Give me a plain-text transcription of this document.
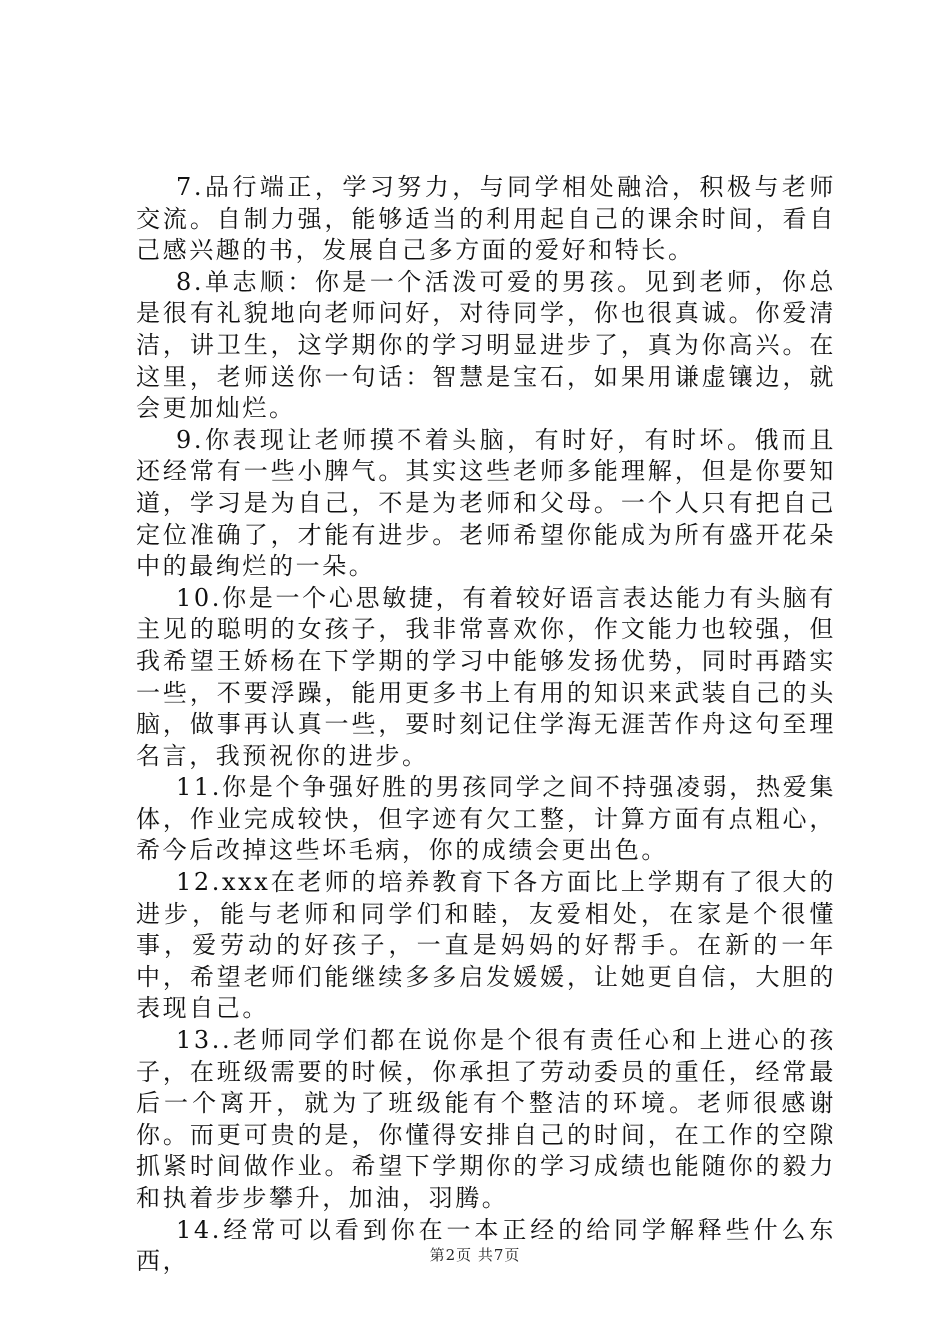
7.品行端正，学习努力，与同学相处融洽，积极与老师交流。自制力强，能够适当的利用起自己的课余时间，看自己感兴趣的书，发展自己多方面的爱好和特长。

8.单志顺：你是一个活泼可爱的男孩。见到老师，你总是很有礼貌地向老师问好，对待同学，你也很真诚。你爱清洁，讲卫生，这学期你的学习明显进步了，真为你高兴。在这里，老师送你一句话：智慧是宝石，如果用谦虚镶边，就会更加灿烂。

9.你表现让老师摸不着头脑，有时好，有时坏。俄而且还经常有一些小脾气。其实这些老师多能理解，但是你要知道，学习是为自己，不是为老师和父母。一个人只有把自己定位准确了，才能有进步。老师希望你能成为所有盛开花朵中的最绚烂的一朵。

10.你是一个心思敏捷，有着较好语言表达能力有头脑有主见的聪明的女孩子，我非常喜欢你，作文能力也较强，但我希望王娇杨在下学期的学习中能够发扬优势，同时再踏实一些，不要浮躁，能用更多书上有用的知识来武装自己的头脑，做事再认真一些，要时刻记住学海无涯苦作舟这句至理名言，我预祝你的进步。

11.你是个争强好胜的男孩同学之间不持强凌弱，热爱集体，作业完成较快，但字迹有欠工整，计算方面有点粗心，希今后改掉这些坏毛病，你的成绩会更出色。

12.xxx在老师的培养教育下各方面比上学期有了很大的进步，能与老师和同学们和睦，友爱相处，在家是个很懂事，爱劳动的好孩子，一直是妈妈的好帮手。在新的一年中，希望老师们能继续多多启发媛媛，让她更自信，大胆的表现自己。

13..老师同学们都在说你是个很有责任心和上进心的孩子，在班级需要的时候，你承担了劳动委员的重任，经常最后一个离开，就为了班级能有个整洁的环境。老师很感谢你。而更可贵的是，你懂得安排自己的时间，在工作的空隙抓紧时间做作业。希望下学期你的学习成绩也能随你的毅力和执着步步攀升，加油，羽腾。

14.经常可以看到你在一本正经的给同学解释些什么东西，	第2页 共7页
